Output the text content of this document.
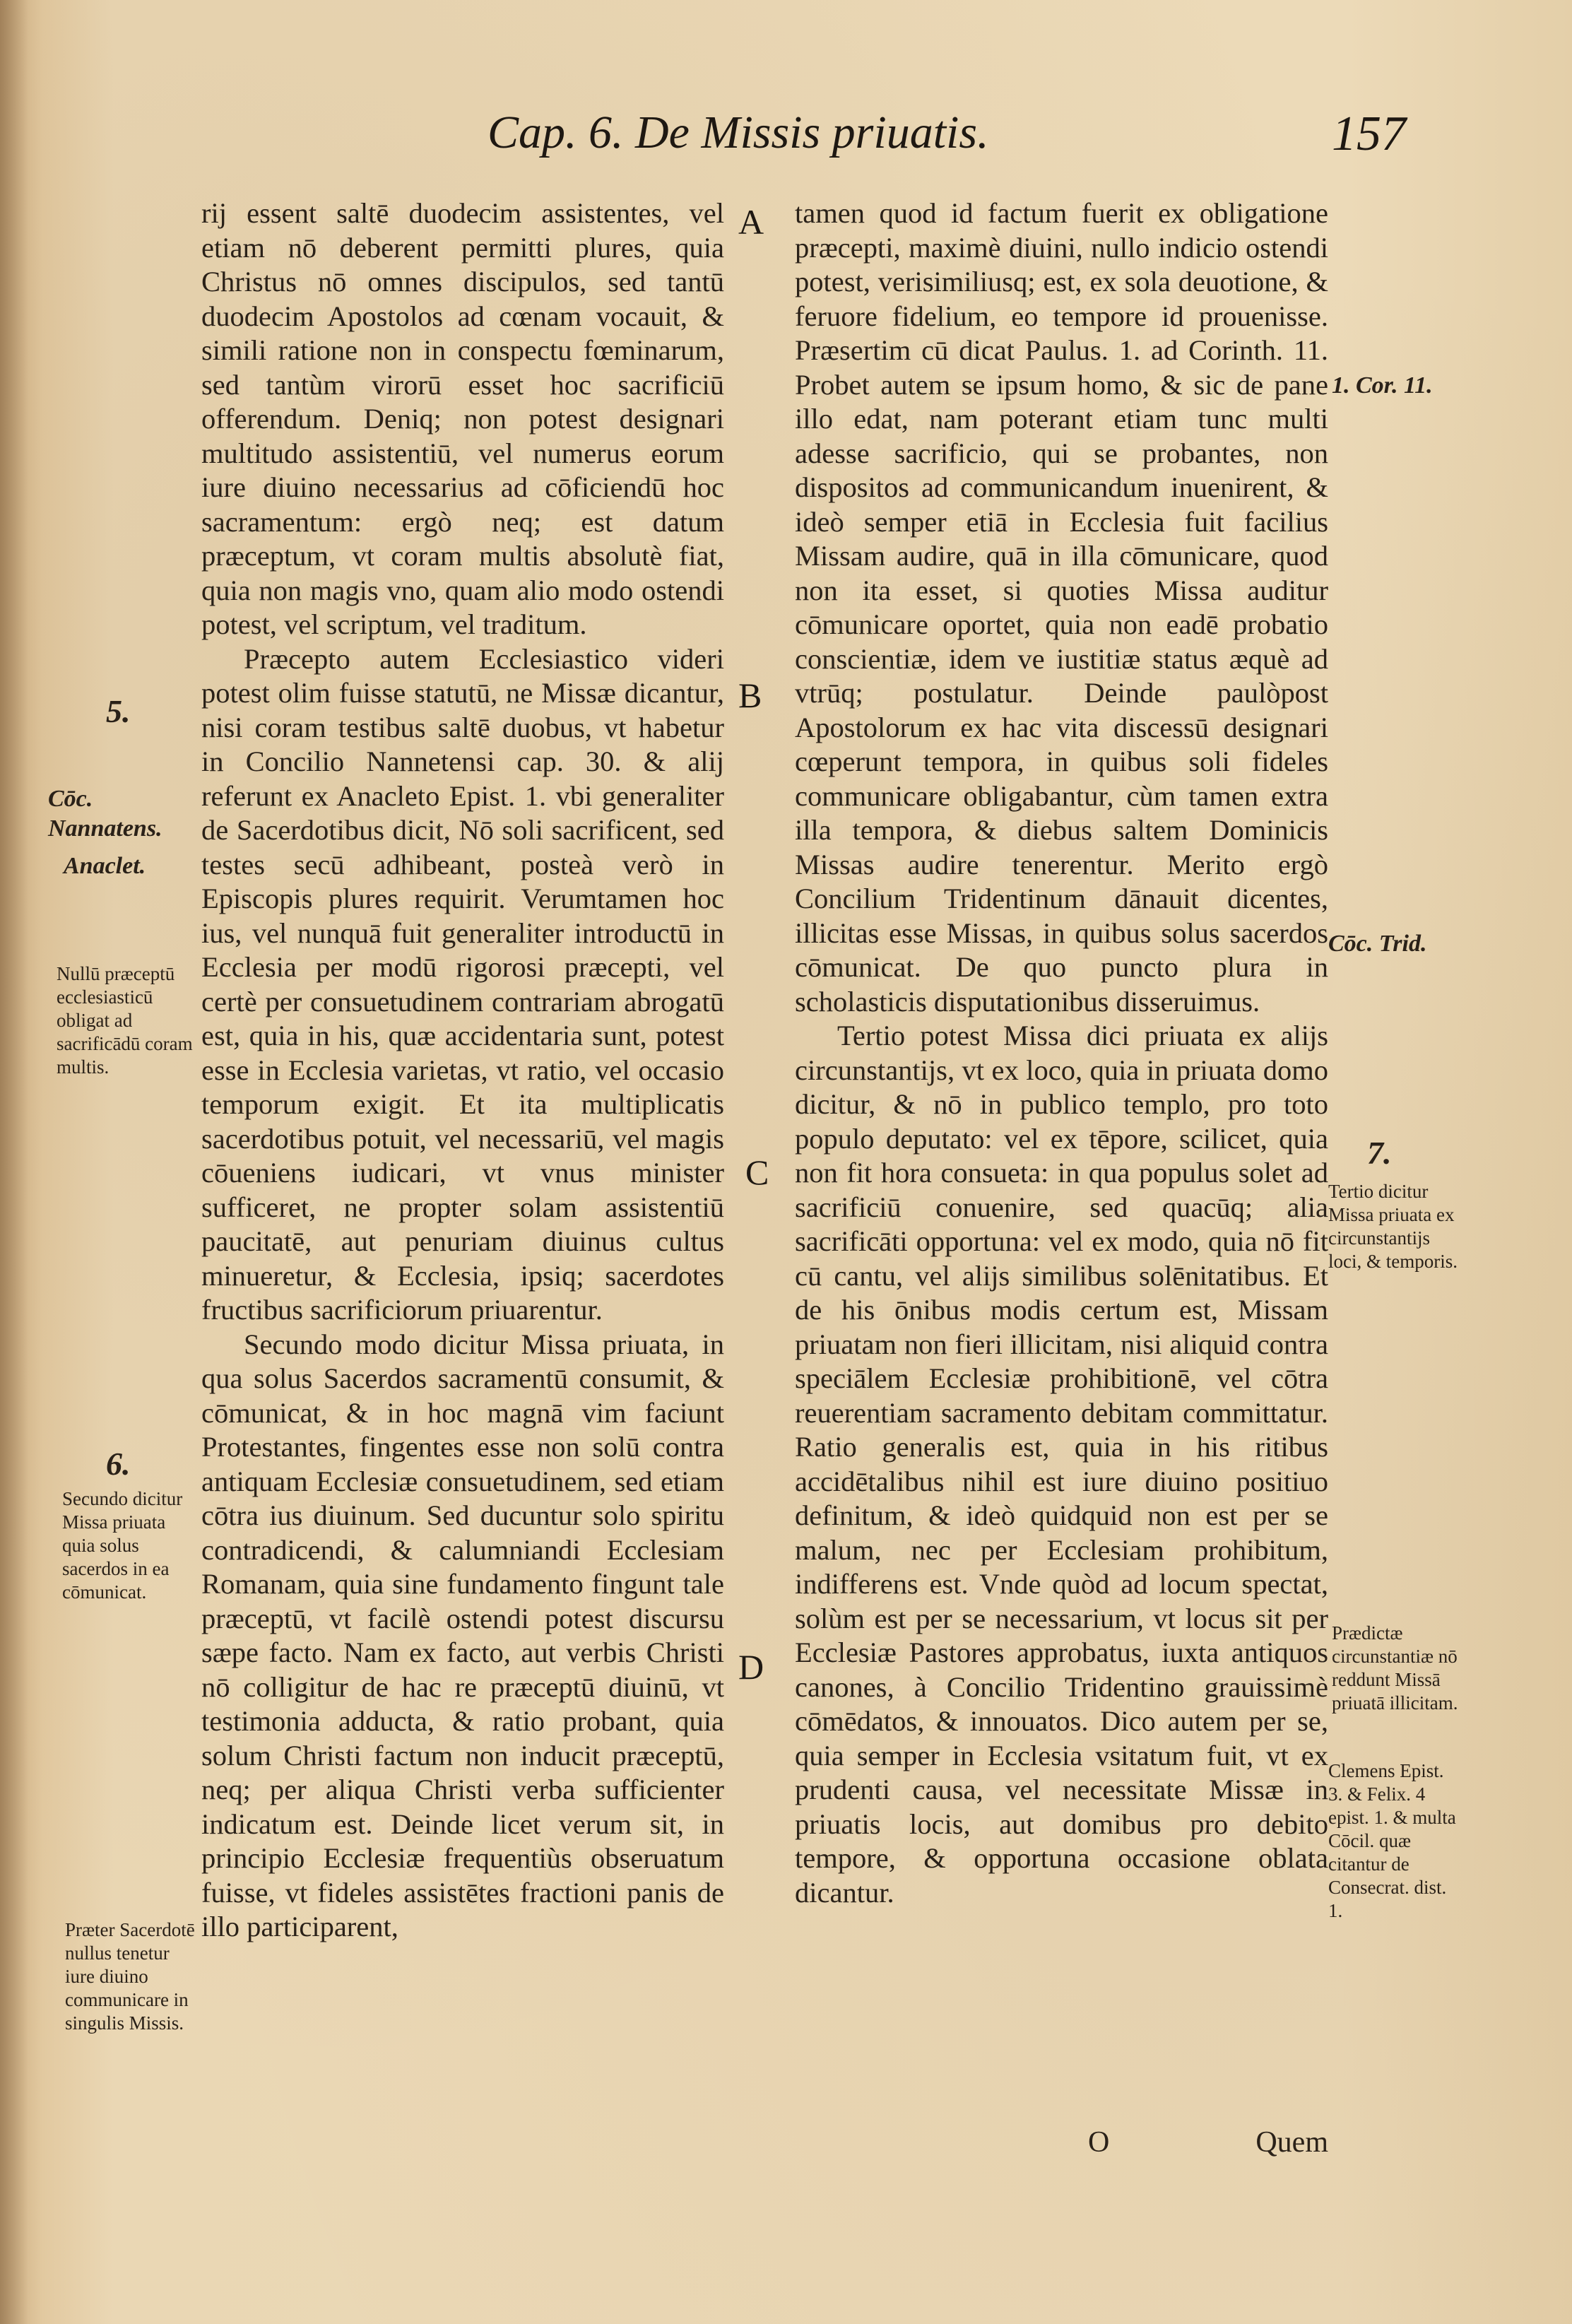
Cap. 6. De Missis priuatis.	157
5.
Cōc. Nannatens.
Anaclet.
Nullū præceptū ecclesiasticū obligat ad sacrificādū coram multis.
6.
Secundo dicitur Missa priuata quia solus sacerdos in ea cōmunicat.
Præter Sacerdotē nullus tenetur iure diuino communicare in singulis Missis.
A
B
C
D

rij essent saltē duodecim assistentes, vel etiam nō deberent permitti plures, quia Christus nō omnes discipulos, sed tantū duodecim Apostolos ad cœnam vocauit, & simili ratione non in conspectu fœminarum, sed tantùm virorū esset hoc sacrificiū offerendum. Deniq; non potest designari multitudo assistentiū, vel numerus eorum iure diuino necessarius ad cōficiendū hoc sacramentum: ergò neq; est datum præceptum, vt coram multis absolutè fiat, quia non magis vno, quam alio modo ostendi potest, vel scriptum, vel traditum.

Præcepto autem Ecclesiastico videri potest olim fuisse statutū, ne Missæ dicantur, nisi coram testibus saltē duobus, vt habetur in Concilio Nannetensi cap. 30. & alij referunt ex Anacleto Epist. 1. vbi generaliter de Sacerdotibus dicit, Nō soli sacrificent, sed testes secū adhibeant, posteà verò in Episcopis plures requirit. Verumtamen hoc ius, vel nunquā fuit generaliter introductū in Ecclesia per modū rigorosi præcepti, vel certè per consuetudinem contrariam abrogatū est, quia in his, quæ accidentaria sunt, potest esse in Ecclesia varietas, vt ratio, vel occasio temporum exigit. Et ita multiplicatis sacerdotibus potuit, vel necessariū, vel magis cōueniens iudicari, vt vnus minister sufficeret, ne propter solam assistentiū paucitatē, aut penuriam diuinus cultus minueretur, & Ecclesia, ipsiq; sacerdotes fructibus sacrificiorum priuarentur.

Secundo modo dicitur Missa priuata, in qua solus Sacerdos sacramentū consumit, & cōmunicat, & in hoc magnā vim faciunt Protestantes, fingentes esse non solū contra antiquam Ecclesiæ consuetudinem, sed etiam cōtra ius diuinum. Sed ducuntur solo spiritu contradicendi, & calumniandi Ecclesiam Romanam, quia sine fundamento fingunt tale præceptū, vt facilè ostendi potest discursu sæpe facto. Nam ex facto, aut verbis Christi nō colligitur de hac re præceptū diuinū, vt testimonia adducta, & ratio probant, quia solum Christi factum non inducit præceptū, neq; per aliqua Christi verba sufficienter indicatum est. Deinde licet verum sit, in principio Ecclesiæ frequentiùs obseruatum fuisse, vt fideles assistētes fractioni panis de illo participarent,

tamen quod id factum fuerit ex obligatione præcepti, maximè diuini, nullo indicio ostendi potest, verisimiliusq; est, ex sola deuotione, & feruore fidelium, eo tempore id prouenisse. Præsertim cū dicat Paulus. 1. ad Corinth. 11. Probet autem se ipsum homo, & sic de pane illo edat, nam poterant etiam tunc multi adesse sacrificio, qui se probantes, non dispositos ad communicandum inuenirent, & ideò semper etiā in Ecclesia fuit facilius Missam audire, quā in illa cōmunicare, quod non ita esset, si quoties Missa auditur cōmunicare oportet, quia non eadē probatio conscientiæ, idem ve iustitiæ status æquè ad vtrūq; postulatur. Deinde paulòpost Apostolorum ex hac vita discessū designari cœperunt tempora, in quibus soli fideles communicare obligabantur, cùm tamen extra illa tempora, & diebus saltem Dominicis Missas audire tenerentur. Merito ergò Concilium Tridentinum dānauit dicentes, illicitas esse Missas, in quibus solus sacerdos cōmunicat. De quo puncto plura in scholasticis disputationibus disseruimus.

Tertio potest Missa dici priuata ex alijs circunstantijs, vt ex loco, quia in priuata domo dicitur, & nō in publico templo, pro toto populo deputato: vel ex tēpore, scilicet, quia non fit hora consueta: in qua populus solet ad sacrificiū conuenire, sed quacūq; alia sacrificāti opportuna: vel ex modo, quia nō fit cū cantu, vel alijs similibus solēnitatibus. Et de his ōnibus modis certum est, Missam priuatam non fieri illicitam, nisi aliquid contra speciālem Ecclesiæ prohibitionē, vel cōtra reuerentiam sacramento debitam committatur. Ratio generalis est, quia in his ritibus accidētalibus nihil est iure diuino positiuo definitum, & ideò quidquid non est per se malum, nec per Ecclesiam prohibitum, indifferens est. Vnde quòd ad locum spectat, solùm est per se necessarium, vt locus sit per Ecclesiæ Pastores approbatus, iuxta antiquos canones, à Concilio Tridentino grauissimè cōmēdatos, & innouatos. Dico autem per se, quia semper in Ecclesia vsitatum fuit, vt ex prudenti causa, vel necessitate Missæ in priuatis locis, aut domibus pro debito tempore, & opportuna occasione oblata dicantur.

1. Cor. 11.
Cōc. Trid.
7.
Tertio dicitur Missa priuata ex circunstantijs loci, & temporis.
Prædictæ circunstantiæ nō reddunt Missā priuatā illicitam.
Clemens Epist. 3. & Felix. 4 epist. 1. & multa Cōcil. quæ citantur de Consecrat. dist. 1.
O	Quem
